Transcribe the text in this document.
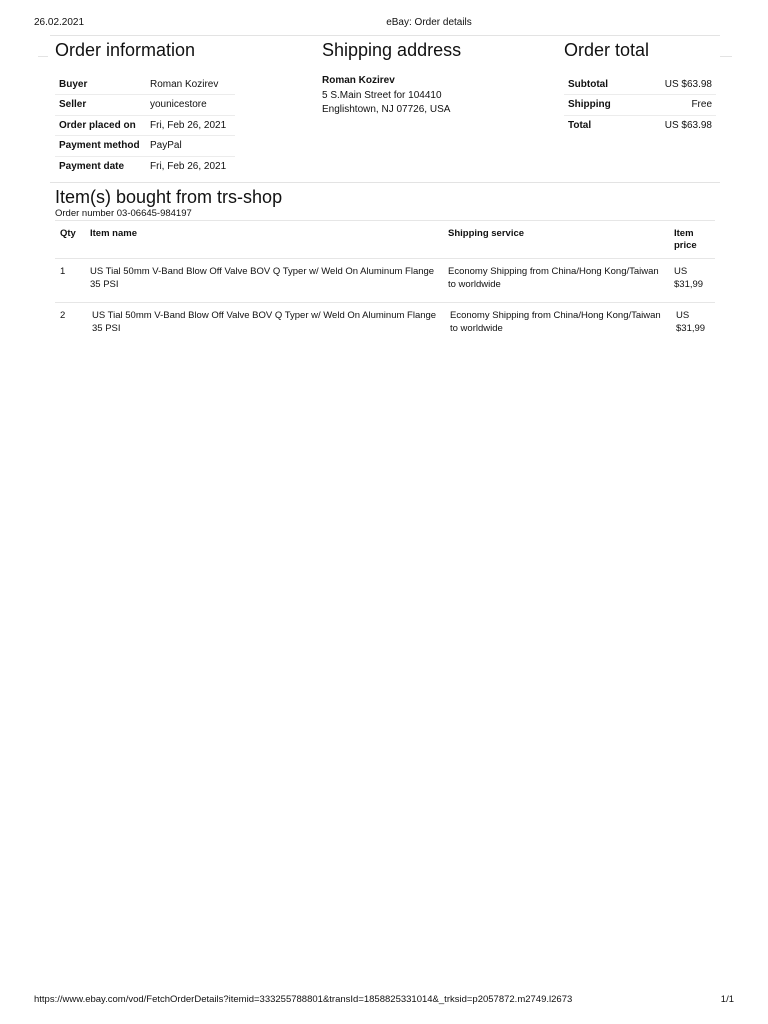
26.02.2021	eBay: Order details
Order information
Buyer	Roman Kozirev
Seller	younicestore
Order placed on	Fri, Feb 26, 2021
Payment method	PayPal
Payment date	Fri, Feb 26, 2021
Shipping address
Roman Kozirev
5 S.Main Street for 104410
Englishtown, NJ 07726, USA
Order total
Subtotal	US $63.98
Shipping	Free
Total	US $63.98
Item(s) bought from trs-shop
Order number 03-06645-984197
Qty	Item name	Shipping service	Item
price

1	US Tial 50mm V-Band Blow Off Valve BOV Q Typer w/ Weld On Aluminum Flange 35 PSI	Economy Shipping from China/Hong Kong/Taiwan to worldwide	US
$31,99

2	US Tial 50mm V-Band Blow Off Valve BOV Q Typer w/ Weld On Aluminum Flange 35 PSI	Economy Shipping from China/Hong Kong/Taiwan to worldwide	US
$31,99
https://www.ebay.com/vod/FetchOrderDetails?itemid=333255788801&transId=1858825331014&_trksid=p2057872.m2749.l2673	1/1
